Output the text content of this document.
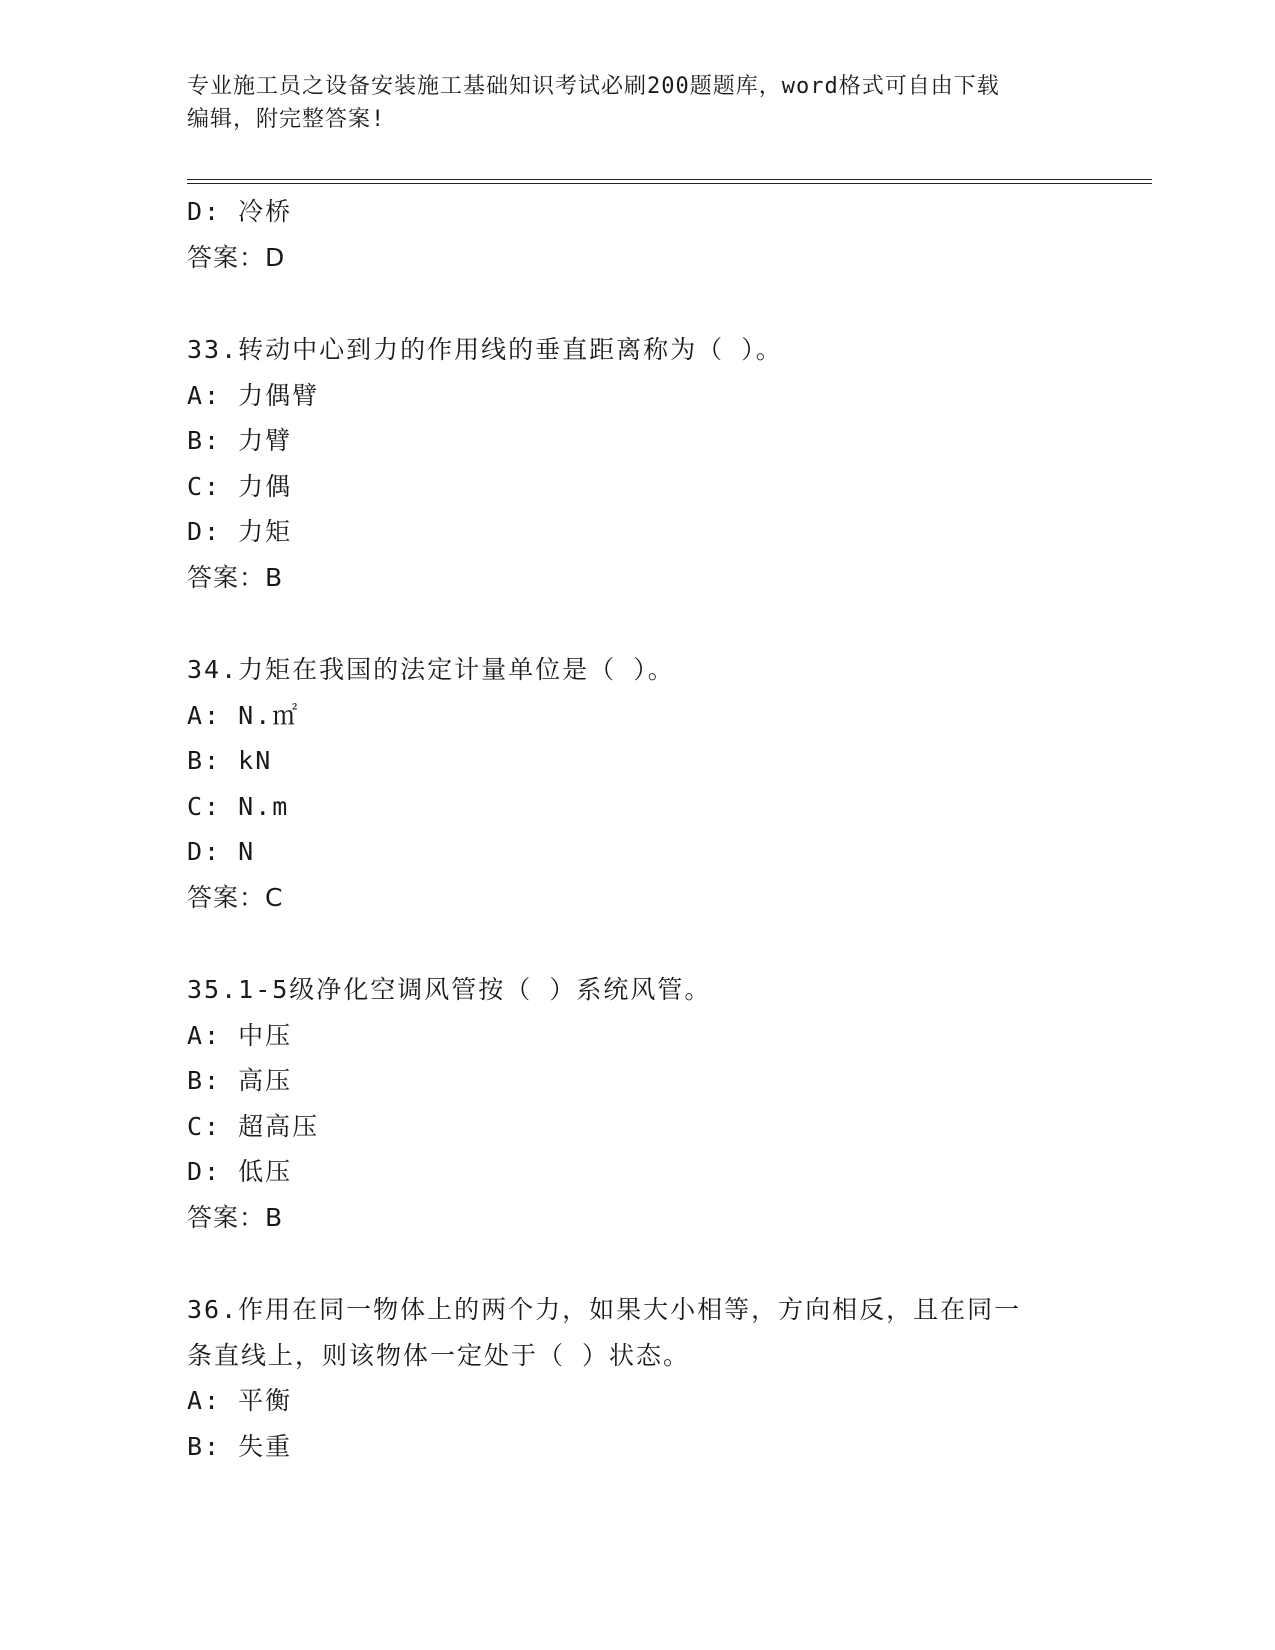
专业施工员之设备安装施工基础知识考试必刷200题题库，word格式可自由下载
编辑，附完整答案!
D: 冷桥
答案：D
33.转动中心到力的作用线的垂直距离称为（ ）。
A: 力偶臂
B: 力臂
C: 力偶
D: 力矩
答案：B
34.力矩在我国的法定计量单位是（ ）。
A: N.㎡
B: kN
C: N.m
D: N
答案：C
35.1-5级净化空调风管按（ ）系统风管。
A: 中压
B: 高压
C: 超高压
D: 低压
答案：B
36.作用在同一物体上的两个力，如果大小相等，方向相反，且在同一
条直线上，则该物体一定处于（ ）状态。
A: 平衡
B: 失重
